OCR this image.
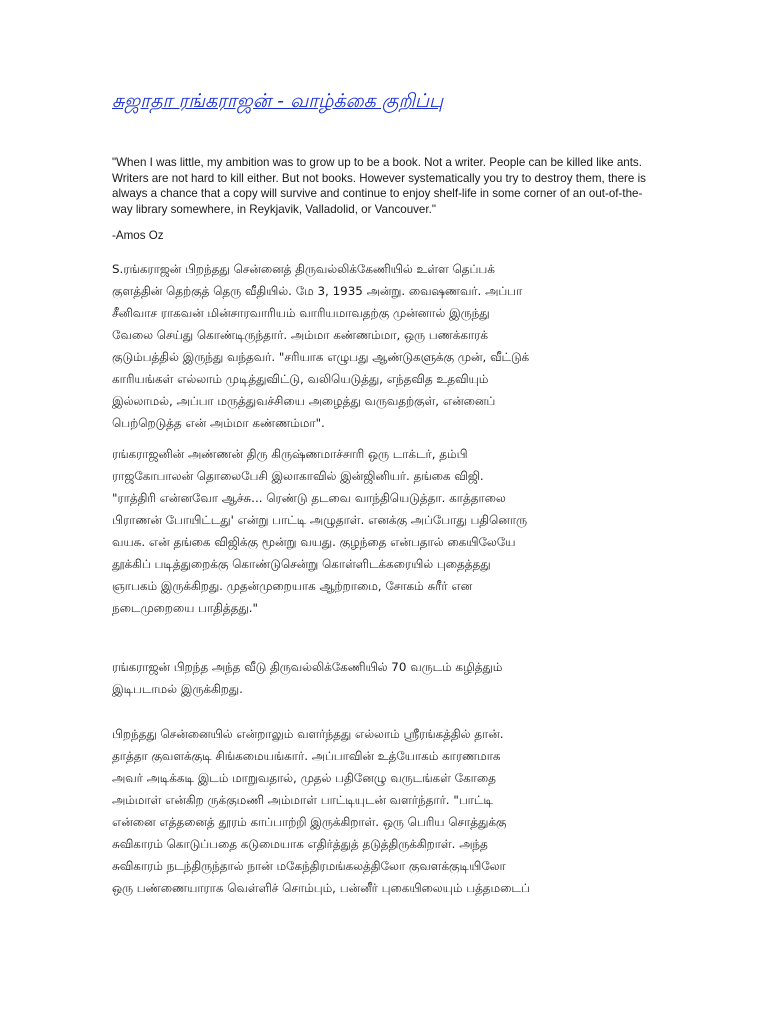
சுஜாதா ரங்கராஜன் - வாழ்க்கை குறிப்பு

"When I was little, my ambition was to grow up to be a book. Not a writer. People can be killed like ants. Writers are not hard to kill either. But not books. However systematically you try to destroy them, there is always a chance that a copy will survive and continue to enjoy shelf-life in some corner of an out-of-the-way library somewhere, in Reykjavik, Valladolid, or Vancouver."

-Amos Oz

S.ரங்கராஜன் பிறந்தது சென்னைத் திருவல்லிக்கேணியில் உள்ள தெப்பக்
குளத்தின் தெற்குத் தெரு வீதியில். மே 3, 1935 அன்று. வைஷணவர். அப்பா
சீனிவாச ராகவன் மின்சாரவாரியம் வாரியமாவதற்கு முன்னால் இருந்து
வேலை செய்து கொண்டிருந்தார். அம்மா கண்ணம்மா, ஒரு பணக்காரக்
குடும்பத்தில் இருந்து வந்தவர். "சரியாக எழுபது ஆண்டுகளுக்கு முன், வீட்டுக்
காரியங்கள் எல்லாம் முடித்துவிட்டு, வலியெடுத்து, எந்தவித உதவியும்
இல்லாமல், அப்பா மருத்துவச்சியை அழைத்து வருவதற்குள், என்னைப்
பெற்றெடுத்த என் அம்மா கண்ணம்மா".
ரங்கராஜனின் அண்ணன் திரு கிருஷ்ணமாச்சாரி ஒரு டாக்டர், தம்பி
ராஜகோபாலன் தொலைபேசி இலாகாவில் இன்ஜினியர். தங்கை விஜி.
"ராத்திரி என்னவோ ஆச்சு... ரெண்டு தடவை வாந்தியெடுத்தா. காத்தாலை
பிராணன் போயிட்டது' என்று பாட்டி அழுதாள். எனக்கு அப்போது பதினொரு
வயசு. என் தங்கை விஜிக்கு மூன்று வயது. குழந்தை என்பதால் கையிலேயே
தூக்கிப் படித்துறைக்கு கொண்டுசென்று கொள்ளிடக்கரையில் புதைத்தது
ஞாபகம் இருக்கிறது. முதன்முறையாக ஆற்றாமை, சோகம் சுரீர் என
நடைமுறையை பாதித்தது."
ரங்கராஜன் பிறந்த அந்த வீடு திருவல்லிக்கேணியில் 70 வருடம் கழித்தும்
இடிபடாமல் இருக்கிறது.
பிறந்தது சென்னையில் என்றாலும் வளர்ந்தது எல்லாம் ஸ்ரீரங்கத்தில் தான்.
தாத்தா குவளக்குடி சிங்கமையங்கார். அப்பாவின் உத்யோகம் காரணமாக
அவர் அடிக்கடி இடம் மாறுவதால், முதல் பதினேழு வருடங்கள் கோதை
அம்மாள் என்கிற ருக்குமணி அம்மாள் பாட்டியுடன் வளர்ந்தார். "பாட்டி
என்னை எத்தனைத் தூரம் காப்பாற்றி இருக்கிறாள். ஒரு பெரிய சொத்துக்கு
சுவிகாரம் கொடுப்பதை கடுமையாக எதிர்த்துத் தடுத்திருக்கிறாள். அந்த
சுவிகாரம் நடந்திருந்தால் நான் மகேந்திரமங்கலத்திலோ குவளக்குடியிலோ
ஒரு பண்ணையாராக வெள்ளிச் சொம்பும், பன்னீர் புகையிலையும் பத்தமடைப்
